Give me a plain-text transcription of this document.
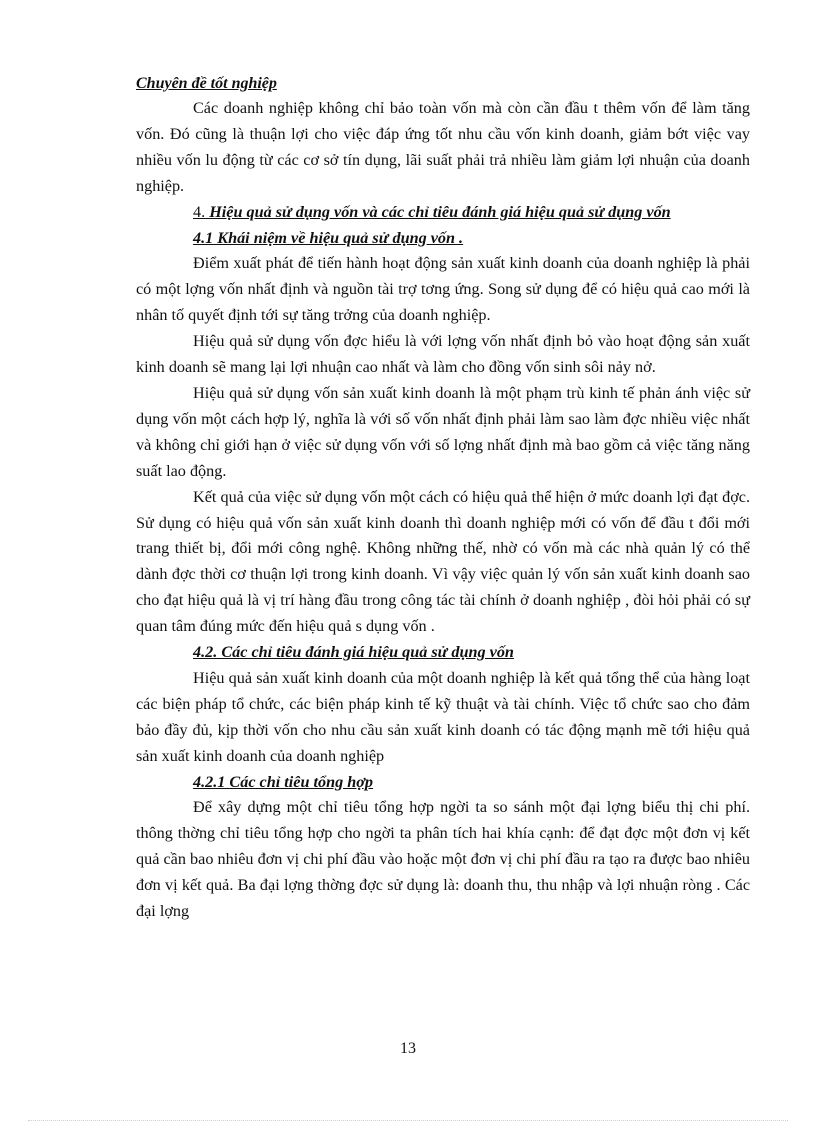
Chuyên đề tốt nghiệp

Các doanh nghiệp không chỉ bảo toàn vốn mà còn cần đầu t thêm vốn để làm tăng vốn. Đó cũng là thuận lợi cho việc đáp ứng tốt nhu cầu vốn kinh doanh, giảm bớt việc vay nhiều vốn lu động từ các cơ sở tín dụng, lãi suất phải trả nhiều làm giảm lợi nhuận của doanh nghiệp.

4. Hiệu quả sử dụng vốn và các chỉ tiêu đánh giá hiệu quả sử dụng vốn
4.1 Khái niệm về hiệu quả sử dụng vốn .

Điểm xuất phát để tiến hành hoạt động sản xuất kinh doanh của doanh nghiệp là phải có một lợng vốn nhất định và nguồn tài trợ tơng ứng. Song sử dụng để có hiệu quả cao mới là nhân tố quyết định tới sự tăng trởng của doanh nghiệp.

Hiệu quả sử dụng vốn đợc hiểu là với lợng vốn nhất định bỏ vào hoạt động sản xuất kinh doanh sẽ mang lại lợi nhuận cao nhất và làm cho đồng vốn sinh sôi nảy nở.

Hiệu quả sử dụng vốn sản xuất kinh doanh là một phạm trù kinh tế phản ánh việc sử dụng vốn một cách hợp lý, nghĩa là với số vốn nhất định phải làm sao làm đợc nhiều việc nhất và không chỉ giới hạn ở việc sử dụng vốn với số lợng nhất định mà bao gồm cả việc tăng năng suất lao động.

Kết quả của việc sử dụng vốn một cách có hiệu quả thể hiện ở mức doanh lợi đạt đợc. Sử dụng có hiệu quả vốn sản xuất kinh doanh thì doanh nghiệp mới có vốn để đầu t đổi mới trang thiết bị, đổi mới công nghệ. Không những thế, nhờ có vốn mà các nhà quản lý có thể dành đợc thời cơ thuận lợi trong kinh doanh. Vì vậy việc quản lý vốn sản xuất kinh doanh sao cho đạt hiệu quả là vị trí hàng đầu trong công tác tài chính ở doanh nghiệp , đòi hỏi phải có sự quan tâm đúng mức đến hiệu quả s dụng vốn .

4.2. Các chỉ tiêu đánh giá hiệu quả sử dụng vốn

Hiệu quả sản xuất kinh doanh của một doanh nghiệp là kết quả tổng thể của hàng loạt các biện pháp tổ chức, các biện pháp kinh tế kỹ thuật và tài chính. Việc tổ chức sao cho đảm bảo đầy đủ, kịp thời vốn cho nhu cầu sản xuất kinh doanh có tác động mạnh mẽ tới hiệu quả sản xuất kinh doanh của doanh nghiệp

4.2.1 Các chỉ tiêu tổng hợp

Để xây dựng một chỉ tiêu tổng hợp ngời ta so sánh một đại lợng biểu thị chi phí. thông thờng chỉ tiêu tổng hợp cho ngời ta phân tích hai khía cạnh: để đạt đợc một đơn vị kết quả cần bao nhiêu đơn vị chi phí đầu vào hoặc một đơn vị chi phí đầu ra tạo ra được bao nhiêu đơn vị kết quả. Ba đại lợng thờng đợc sử dụng là: doanh thu, thu nhập và lợi nhuận ròng . Các đại lợng

13
